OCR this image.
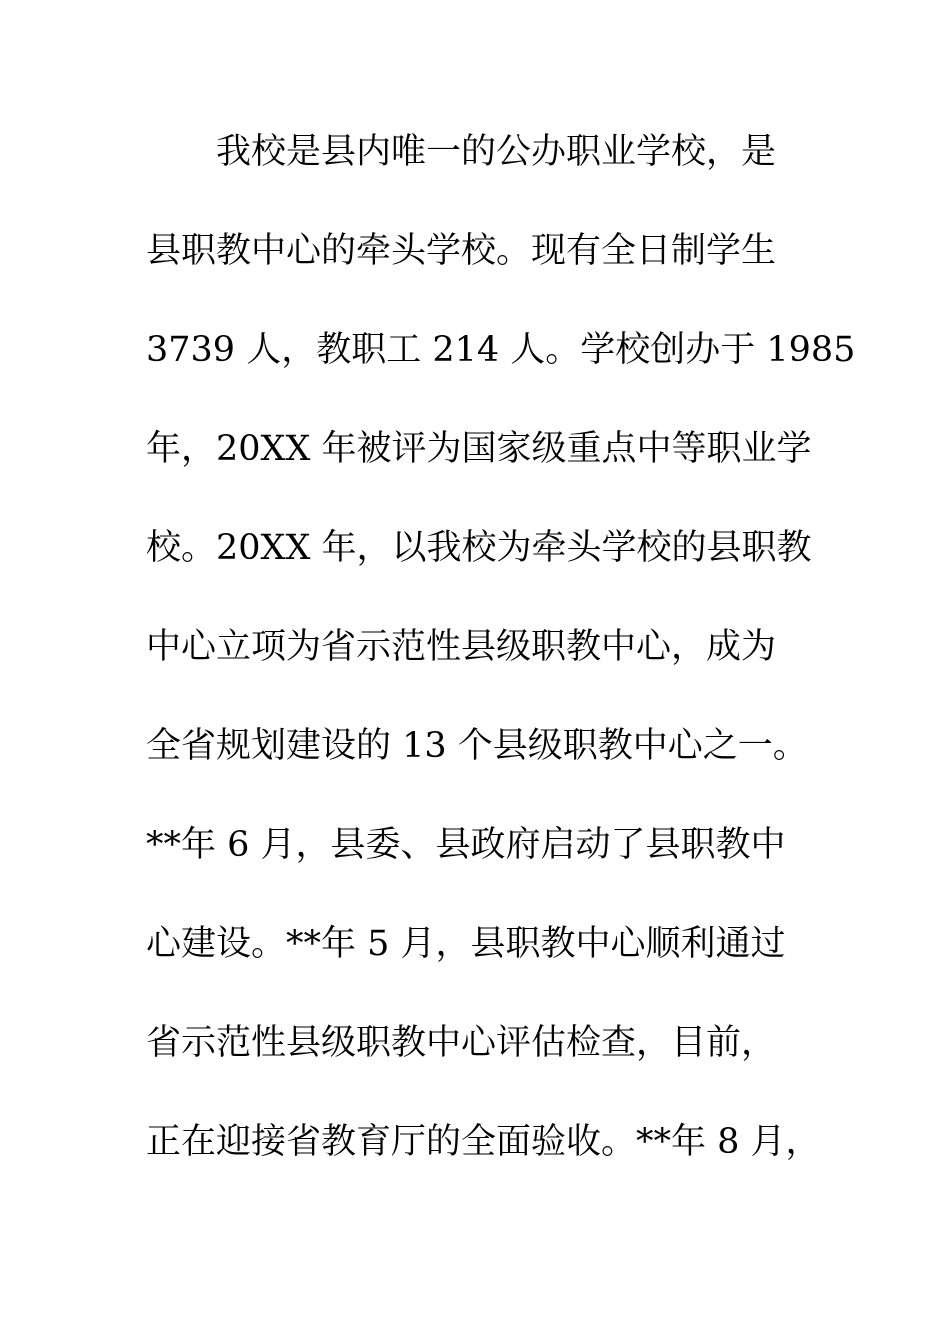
我校是县内唯一的公办职业学校，是
县职教中心的牵头学校。现有全日制学生
3739 人，教职工 214 人。学校创办于 1985
年，20XX 年被评为国家级重点中等职业学
校。20XX 年，以我校为牵头学校的县职教
中心立项为省示范性县级职教中心，成为
全省规划建设的 13 个县级职教中心之一。
**年 6 月，县委、县政府启动了县职教中
心建设。**年 5 月，县职教中心顺利通过
省示范性县级职教中心评估检查，目前，
正在迎接省教育厅的全面验收。**年 8 月，
